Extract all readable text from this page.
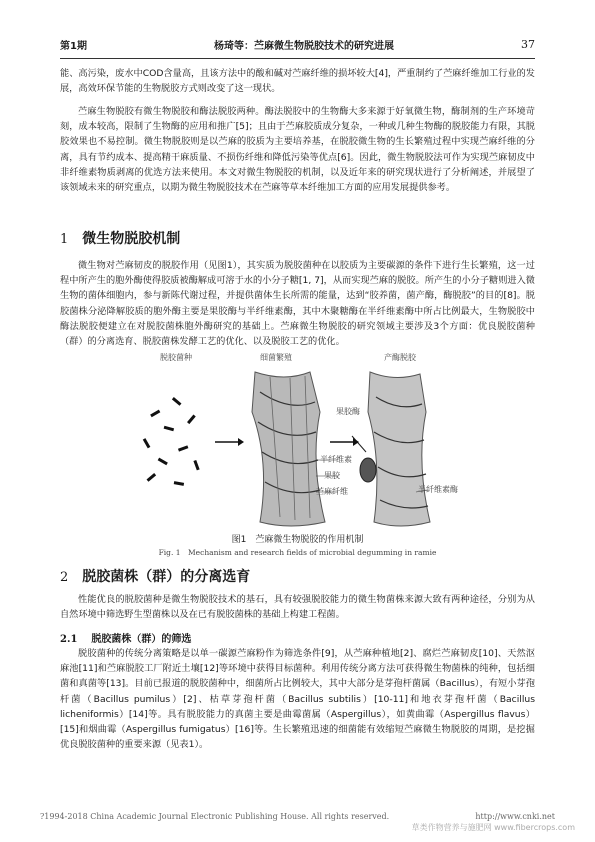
第1期	杨琦等：苎麻微生物脱胶技术的研究进展	37

能、高污染，废水中COD含量高，且该方法中的酸和碱对苎麻纤维的损坏较大[4]，严重制约了苎麻纤维加工行业的发展，高效环保节能的生物脱胶方式则改变了这一现状。

苎麻生物脱胶有微生物脱胶和酶法脱胶两种。酶法脱胶中的生物酶大多来源于好氧微生物，酶制剂的生产环境苛刻，成本较高，限制了生物酶的应用和推广[5]；且由于苎麻胶质成分复杂，一种或几种生物酶的脱胶能力有限，其脱胶效果也不易控制。微生物脱胶则是以苎麻的胶质为主要培养基，在脱胶微生物的生长繁殖过程中实现苎麻纤维的分离，具有节约成本、提高精干麻质量、不损伤纤维和降低污染等优点[6]。因此，微生物脱胶法可作为实现苎麻韧皮中非纤维素物质剥离的优选方法来使用。本文对微生物脱胶的机制，以及近年来的研究现状进行了分析阐述，并展望了该领域未来的研究重点，以期为微生物脱胶技术在苎麻等草本纤维加工方面的应用发展提供参考。

1 微生物脱胶机制

微生物对苎麻韧皮的脱胶作用（见图1），其实质为脱胶菌种在以胶质为主要碳源的条件下进行生长繁殖，这一过程中所产生的胞外酶使得胶质被酶解成可溶于水的小分子糖[1, 7]，从而实现苎麻的脱胶。所产生的小分子糖则进入微生物的菌体细胞内，参与新陈代谢过程，并提供菌体生长所需的能量，达到“胶养菌，菌产酶，酶脱胶”的目的[8]。脱胶菌株分泌降解胶质的胞外酶主要是果胶酶与半纤维素酶，其中木聚糖酶在半纤维素酶中所占比例最大，生物脱胶中酶法脱胶便建立在对脱胶菌株胞外酶研究的基础上。苎麻微生物脱胶的研究领域主要涉及3个方面：优良脱胶菌种（群）的分离选育、脱胶菌株发酵工艺的优化、以及脱胶工艺的优化。

脱胶菌种	细菌繁殖	产酶脱胶
果胶酶
半纤维素
果胶
苎麻纤维	半纤维素酶

图1　苎麻微生物脱胶的作用机制

Fig. 1　Mechanism and research fields of microbial degumming in ramie

2 脱胶菌株（群）的分离选育

性能优良的脱胶菌种是微生物脱胶技术的基石，具有较强脱胶能力的微生物菌株来源大致有两种途径，分别为从自然环境中筛选野生型菌株以及在已有脱胶菌株的基础上构建工程菌。

2.1 脱胶菌株（群）的筛选

脱胶菌种的传统分离策略是以单一碳源苎麻粉作为筛选条件[9]，从苎麻种植地[2]、腐烂苎麻韧皮[10]、天然沤麻池[11]和苎麻脱胶工厂附近土壤[12]等环境中获得目标菌种。利用传统分离方法可获得微生物菌株的纯种，包括细菌和真菌等[13]。目前已报道的脱胶菌种中，细菌所占比例较大，其中大部分是芽孢杆菌属（Bacillus），有短小芽孢杆菌（Bacillus pumilus）[2]、枯草芽孢杆菌（Bacillus subtilis）[10-11]和地衣芽孢杆菌（Bacillus licheniformis）[14]等。具有脱胶能力的真菌主要是曲霉菌属（Aspergillus），如黄曲霉（Aspergillus flavus）[15]和烟曲霉（Aspergillus fumigatus）[16]等。生长繁殖迅速的细菌能有效缩短苎麻微生物脱胶的周期，是挖掘优良脱胶菌种的重要来源（见表1）。

?1994-2018 China Academic Journal Electronic Publishing House. All rights reserved.	http://www.cnki.net
草类作物营养与施肥网 www.fibercrops.com
